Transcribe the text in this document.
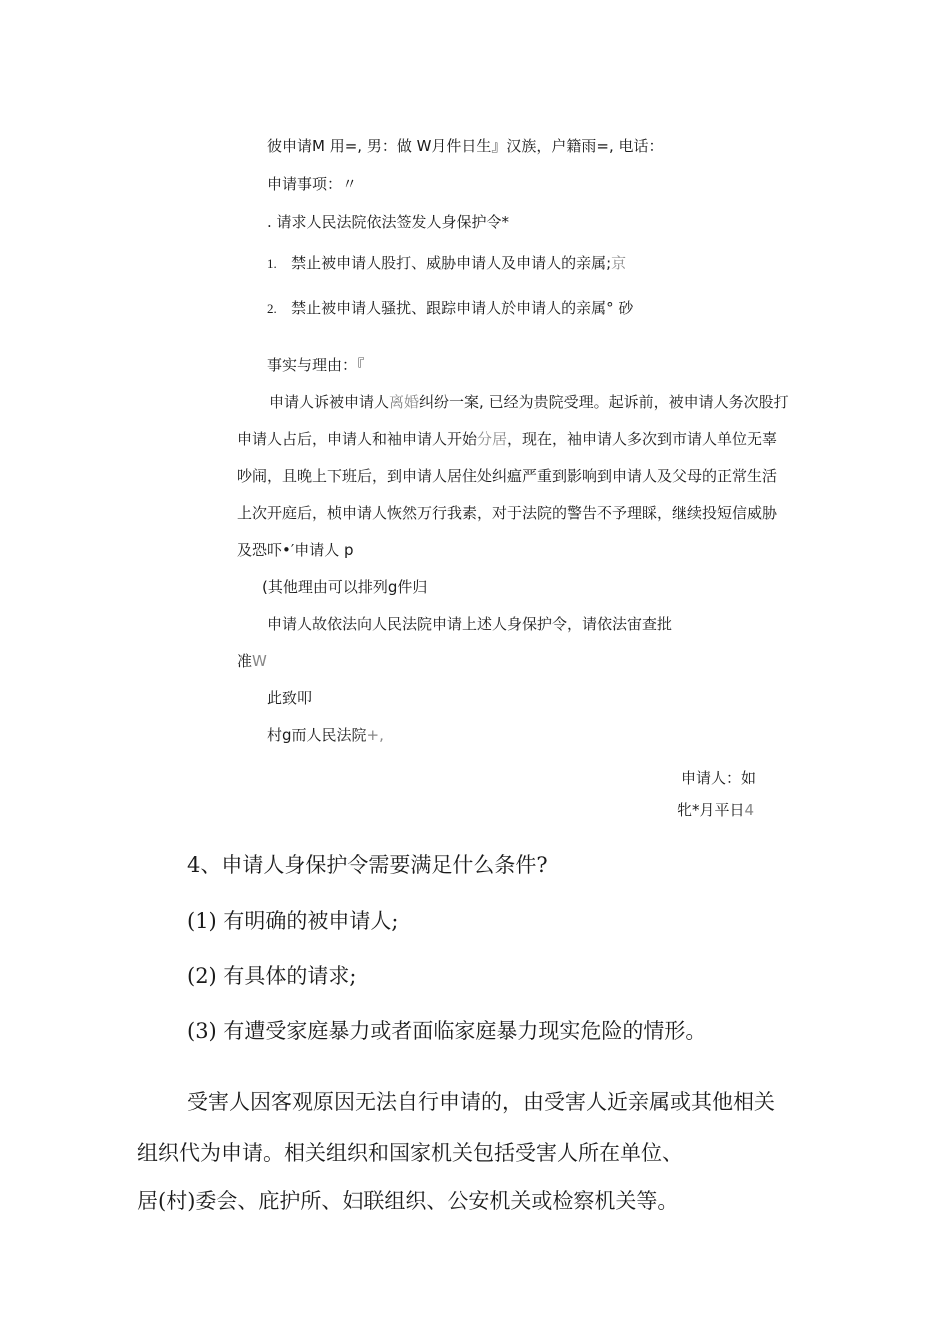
彼申请M 用=, 男：做 W月件日生』汉族，户籍雨=, 电话：
申请事项：〃
. 请求人民法院依法签发人身保护令*
1. 禁止被申请人股打、威胁申请人及申请人的亲属;京
2. 禁止被申请人骚扰、跟踪申请人於申请人的亲属° 砂
事实与理由：『
申请人诉被申请人离婚纠纷一案, 已经为贵院受理。起诉前，被申请人务次股打
申请人占后，申请人和袖申请人开始分居，现在，袖申请人多次到市请人单位无辜
吵闹，且晚上下班后，到申请人居住处纠瘟严重到影响到申请人及父母的正常生活
上次开庭后，桢申请人恢然万行我素，对于法院的警告不予理睬，继续投短信威胁
及恐吓•′申请人 p
(其他理由可以排列g件归
申请人故依法向人民法院申请上述人身保护令，请依法宙查批
准W
此致叩
村g而人民法院+,
申请人：如
牝*月平日4
4、申请人身保护令需要满足什么条件?
(1) 有明确的被申请人;
(2) 有具体的请求;
(3) 有遭受家庭暴力或者面临家庭暴力现实危险的情形。
受害人因客观原因无法自行申请的，由受害人近亲属或其他相关
组织代为申请。相关组织和国家机关包括受害人所在单位、
居(村)委会、庇护所、妇联组织、公安机关或检察机关等。
